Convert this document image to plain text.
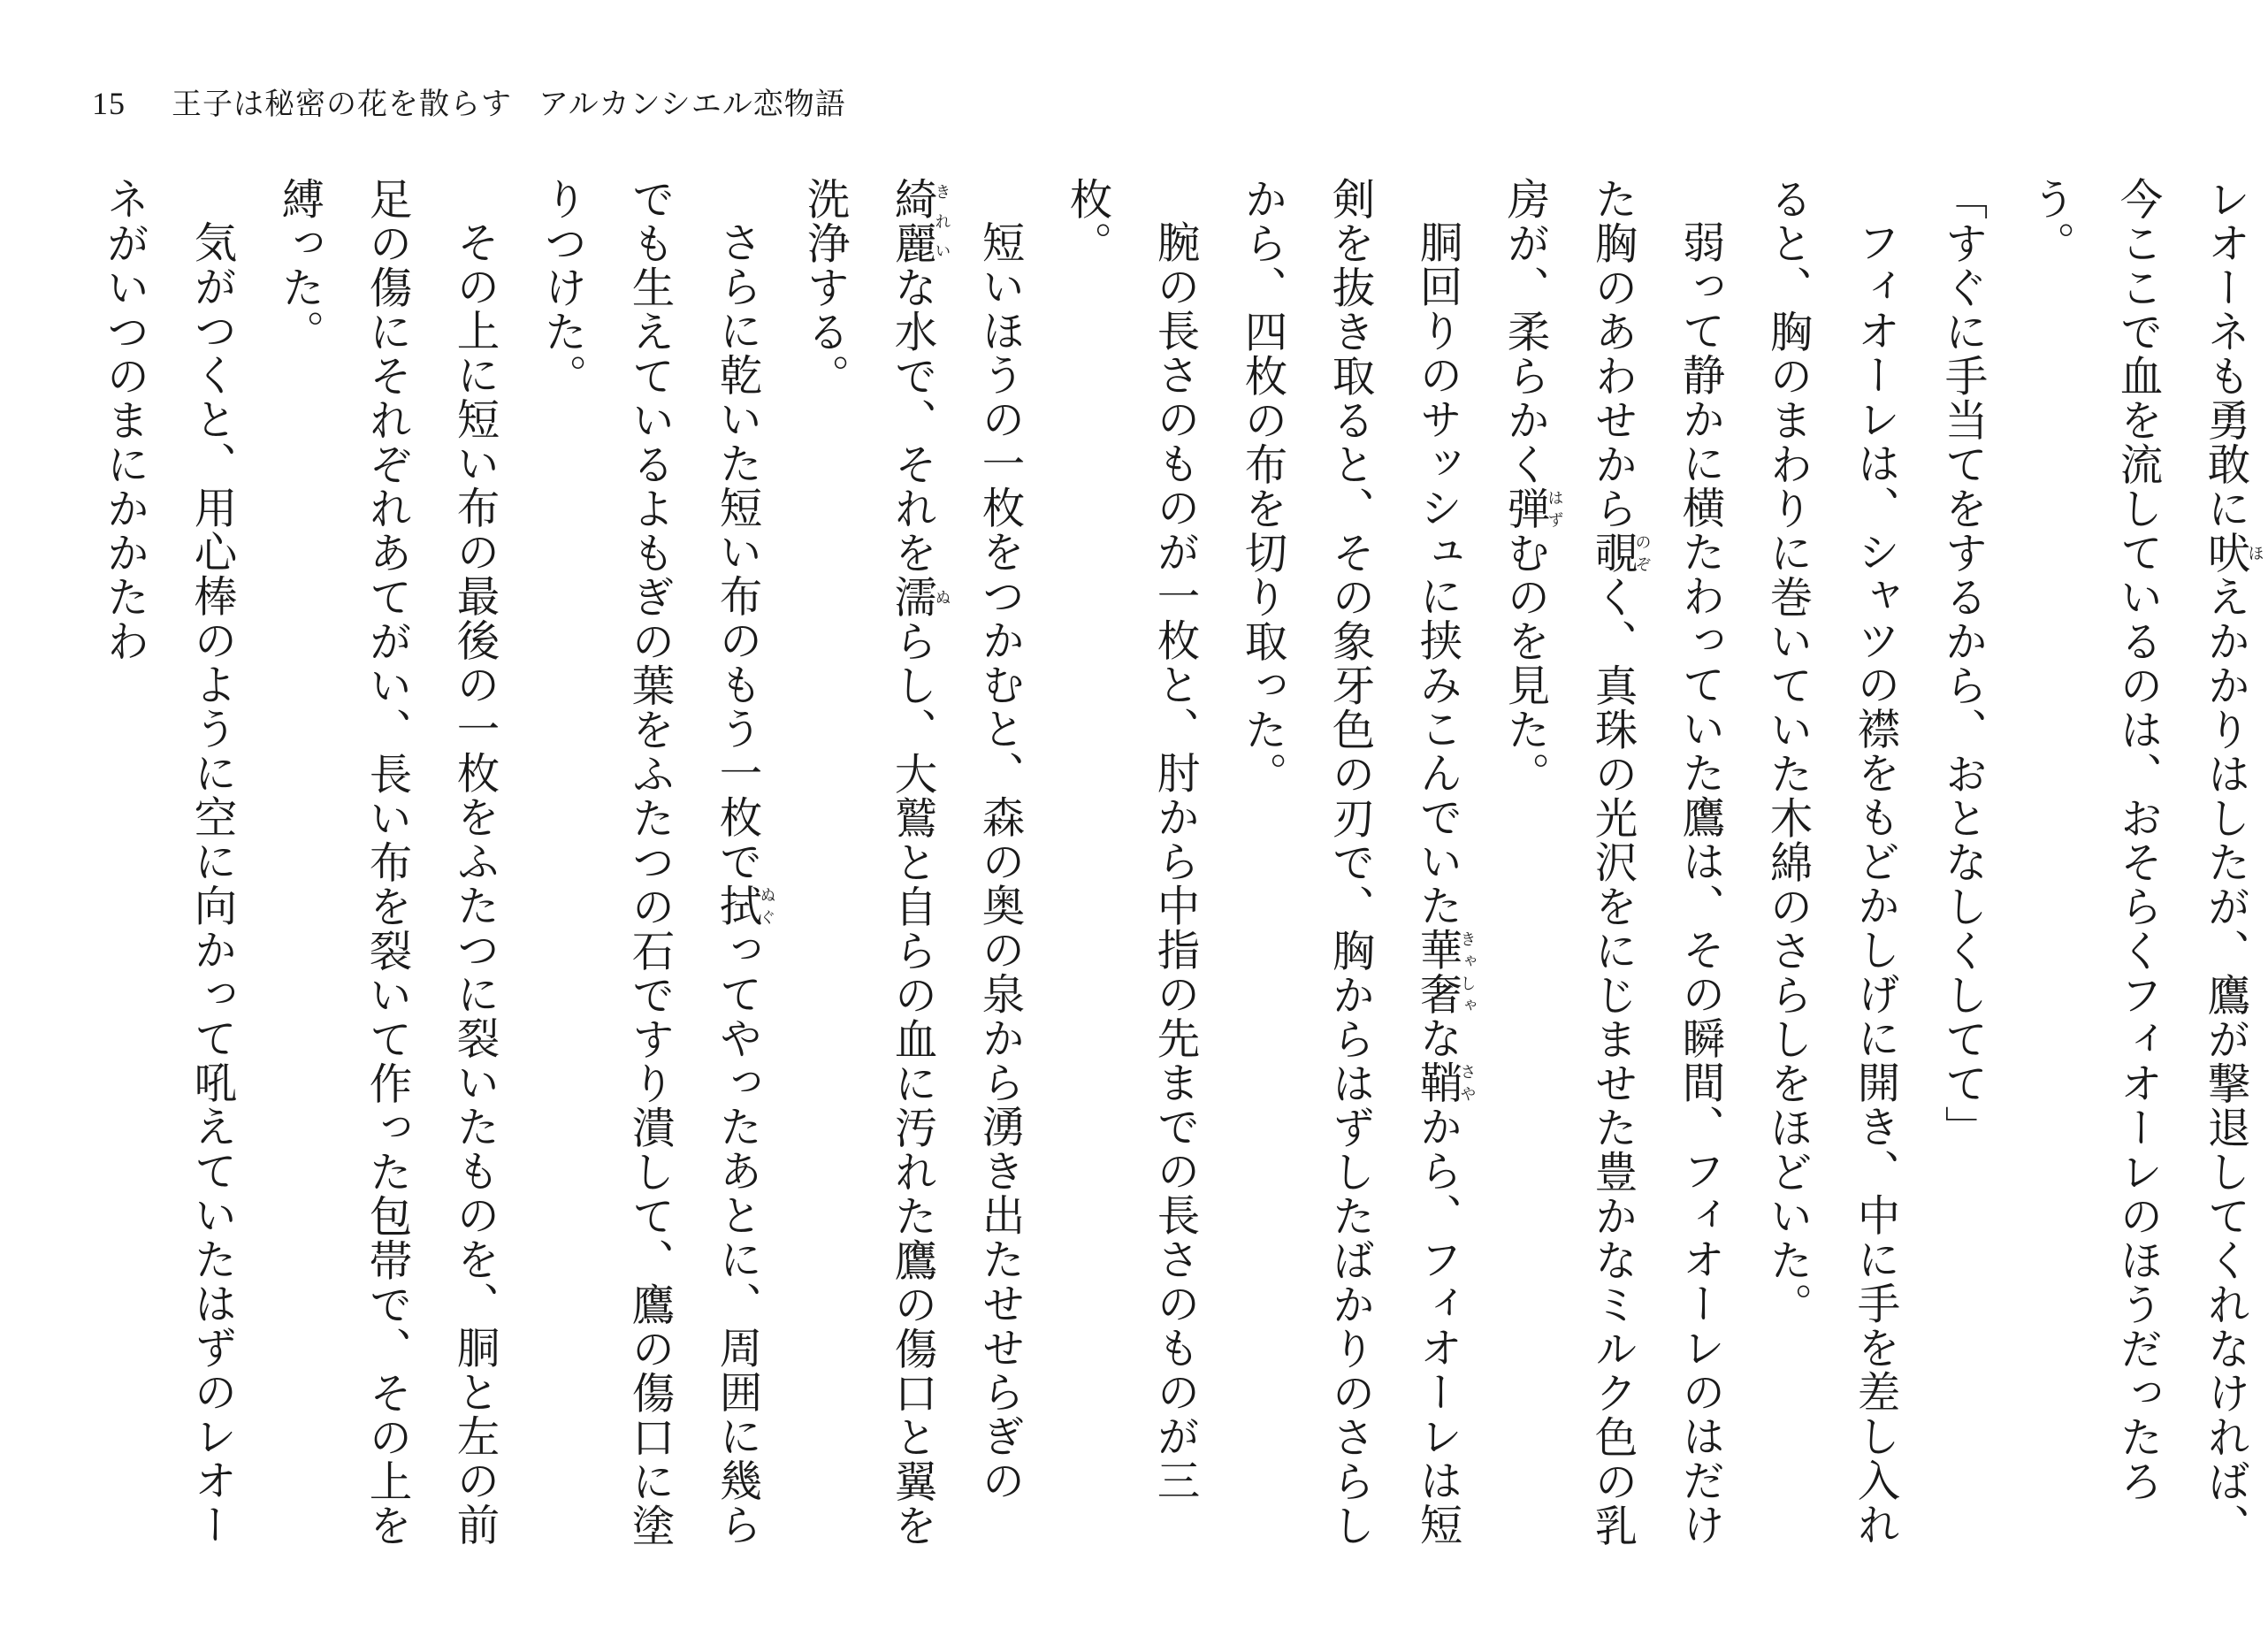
15 王子は秘密の花を散らす アルカンシエル恋物語

レオーネも勇敢に吠ほえかかりはしたが、鷹が撃退してくれなければ、今ここで血を流しているのは、おそらくフィオーレのほうだったろう。

「すぐに手当てをするから、おとなしくしてて」

フィオーレは、シャツの襟をもどかしげに開き、中に手を差し入れると、胸のまわりに巻いていた木綿のさらしをほどいた。

弱って静かに横たわっていた鷹は、その瞬間、フィオーレのはだけた胸のあわせから覗のぞく、真珠の光沢をにじませた豊かなミルク色の乳房が、柔らかく弾はずむのを見た。

胴回りのサッシュに挟みこんでいた華奢きゃしゃな鞘さやから、フィオーレは短剣を抜き取ると、その象牙色の刃で、胸からはずしたばかりのさらしから、四枚の布を切り取った。

腕の長さのものが一枚と、肘から中指の先までの長さのものが三枚。

短いほうの一枚をつかむと、森の奥の泉から湧き出たせせらぎの綺麗きれいな水で、それを濡ぬらし、大鷲と自らの血に汚れた鷹の傷口と翼を洗浄する。

さらに乾いた短い布のもう一枚で拭ぬぐってやったあとに、周囲に幾らでも生えているよもぎの葉をふたつの石ですり潰して、鷹の傷口に塗りつけた。

その上に短い布の最後の一枚をふたつに裂いたものを、胴と左の前足の傷にそれぞれあてがい、長い布を裂いて作った包帯で、その上を縛った。

気がつくと、用心棒のように空に向かって吼えていたはずのレオーネがいつのまにかかたわ
